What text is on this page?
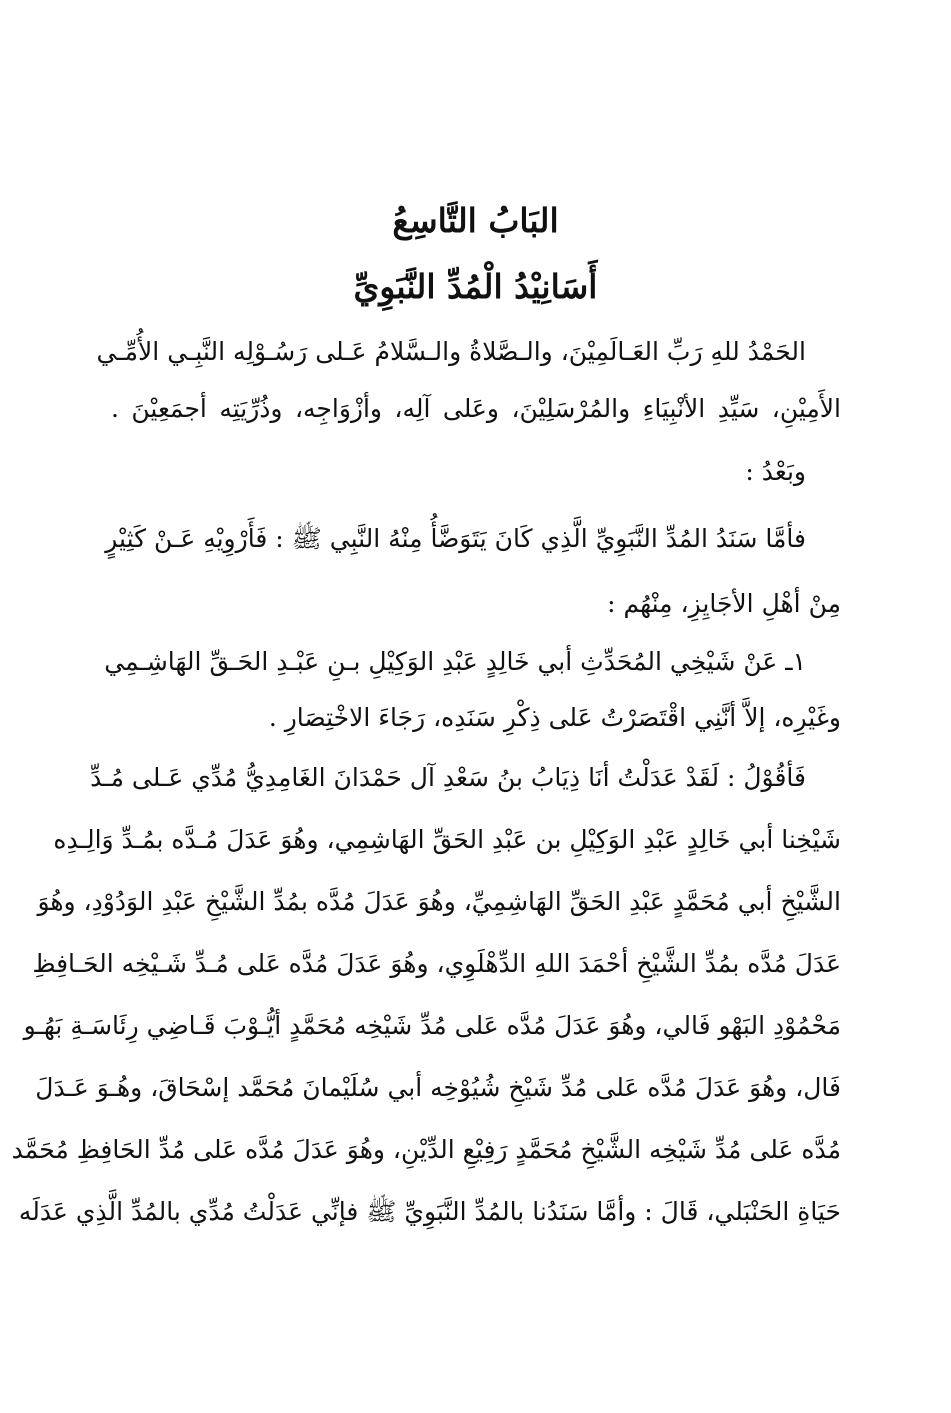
البَابُ التَّاسِعُ
أَسَانِيْدُ الْمُدِّ النَّبَوِيِّ
الحَمْدُ للهِ رَبِّ العَـالَمِيْنَ، والـصَّلاةُ والـسَّلامُ عَـلى رَسُـوْلِه النَّبِـي الأُمِّـي
الأَمِيْنِ، سَيِّدِ الأنْبِيَاءِ والمُرْسَلِيْنَ، وعَلى آلِه، وأزْوَاجِه، وذُرِّيَتِه أجمَعِيْنَ .
وبَعْدُ :
فأمَّا سَنَدُ المُدِّ النَّبَوِيِّ الَّذِي كَانَ يَتَوَضَّأُ مِنْهُ النَّبِي ﷺ : فَأَرْوِيْهِ عَـنْ كَثِيْرٍ
مِنْ أهْلِ الأجَايِزِ، مِنْهُم :
١ـ عَنْ شَيْخِي المُحَدِّثِ أبي خَالِدٍ عَبْدِ الوَكِيْلِ بـنِ عَبْـدِ الحَـقِّ الهَاشِـمِي
وغَيْرِه، إلاَّ أنَّنِي اقْتَصَرْتُ عَلى ذِكْرِ سَنَدِه، رَجَاءَ الاخْتِصَارِ .
فَأقُوْلُ : لَقَدْ عَدَلْتُ أنَا ذِيَابُ بنُ سَعْدِ آل حَمْدَانَ الغَامِدِيُّ مُدِّي عَـلى مُـدِّ
شَيْخِنا أبي خَالِدٍ عَبْدِ الوَكِيْلِ بن عَبْدِ الحَقِّ الهَاشِمِي، وهُوَ عَدَلَ مُـدَّه بمُـدِّ وَالِـدِه
الشَّيْخِ أبي مُحَمَّدٍ عَبْدِ الحَقِّ الهَاشِمِيِّ، وهُوَ عَدَلَ مُدَّه بمُدِّ الشَّيْخِ عَبْدِ الوَدُوْدِ، وهُوَ
عَدَلَ مُدَّه بمُدِّ الشَّيْخِ أحْمَدَ اللهِ الدِّهْلَوِي، وهُوَ عَدَلَ مُدَّه عَلى مُـدِّ شَـيْخِه الحَـافِظِ
مَحْمُوْدِ البَهْو فَالي، وهُوَ عَدَلَ مُدَّه عَلى مُدِّ شَيْخِه مُحَمَّدٍ أيُّـوْبَ قَـاضِي رِئَاسَـةِ بَهُـو
فَال، وهُوَ عَدَلَ مُدَّه عَلى مُدِّ شَيْخِ شُيُوْخِه أبي سُلَيْمانَ مُحَمَّد إسْحَاقَ، وهُـوَ عَـدَلَ
مُدَّه عَلى مُدِّ شَيْخِه الشَّيْخِ مُحَمَّدٍ رَفِيْعِ الدِّيْنِ، وهُوَ عَدَلَ مُدَّه عَلى مُدِّ الحَافِظِ مُحَمَّد
حَيَاةِ الحَنْبَلي، قَالَ : وأمَّا سَنَدُنا بالمُدِّ النَّبَوِيِّ ﷺ فإنِّي عَدَلْتُ مُدِّي بالمُدِّ الَّذِي عَدَلَه
